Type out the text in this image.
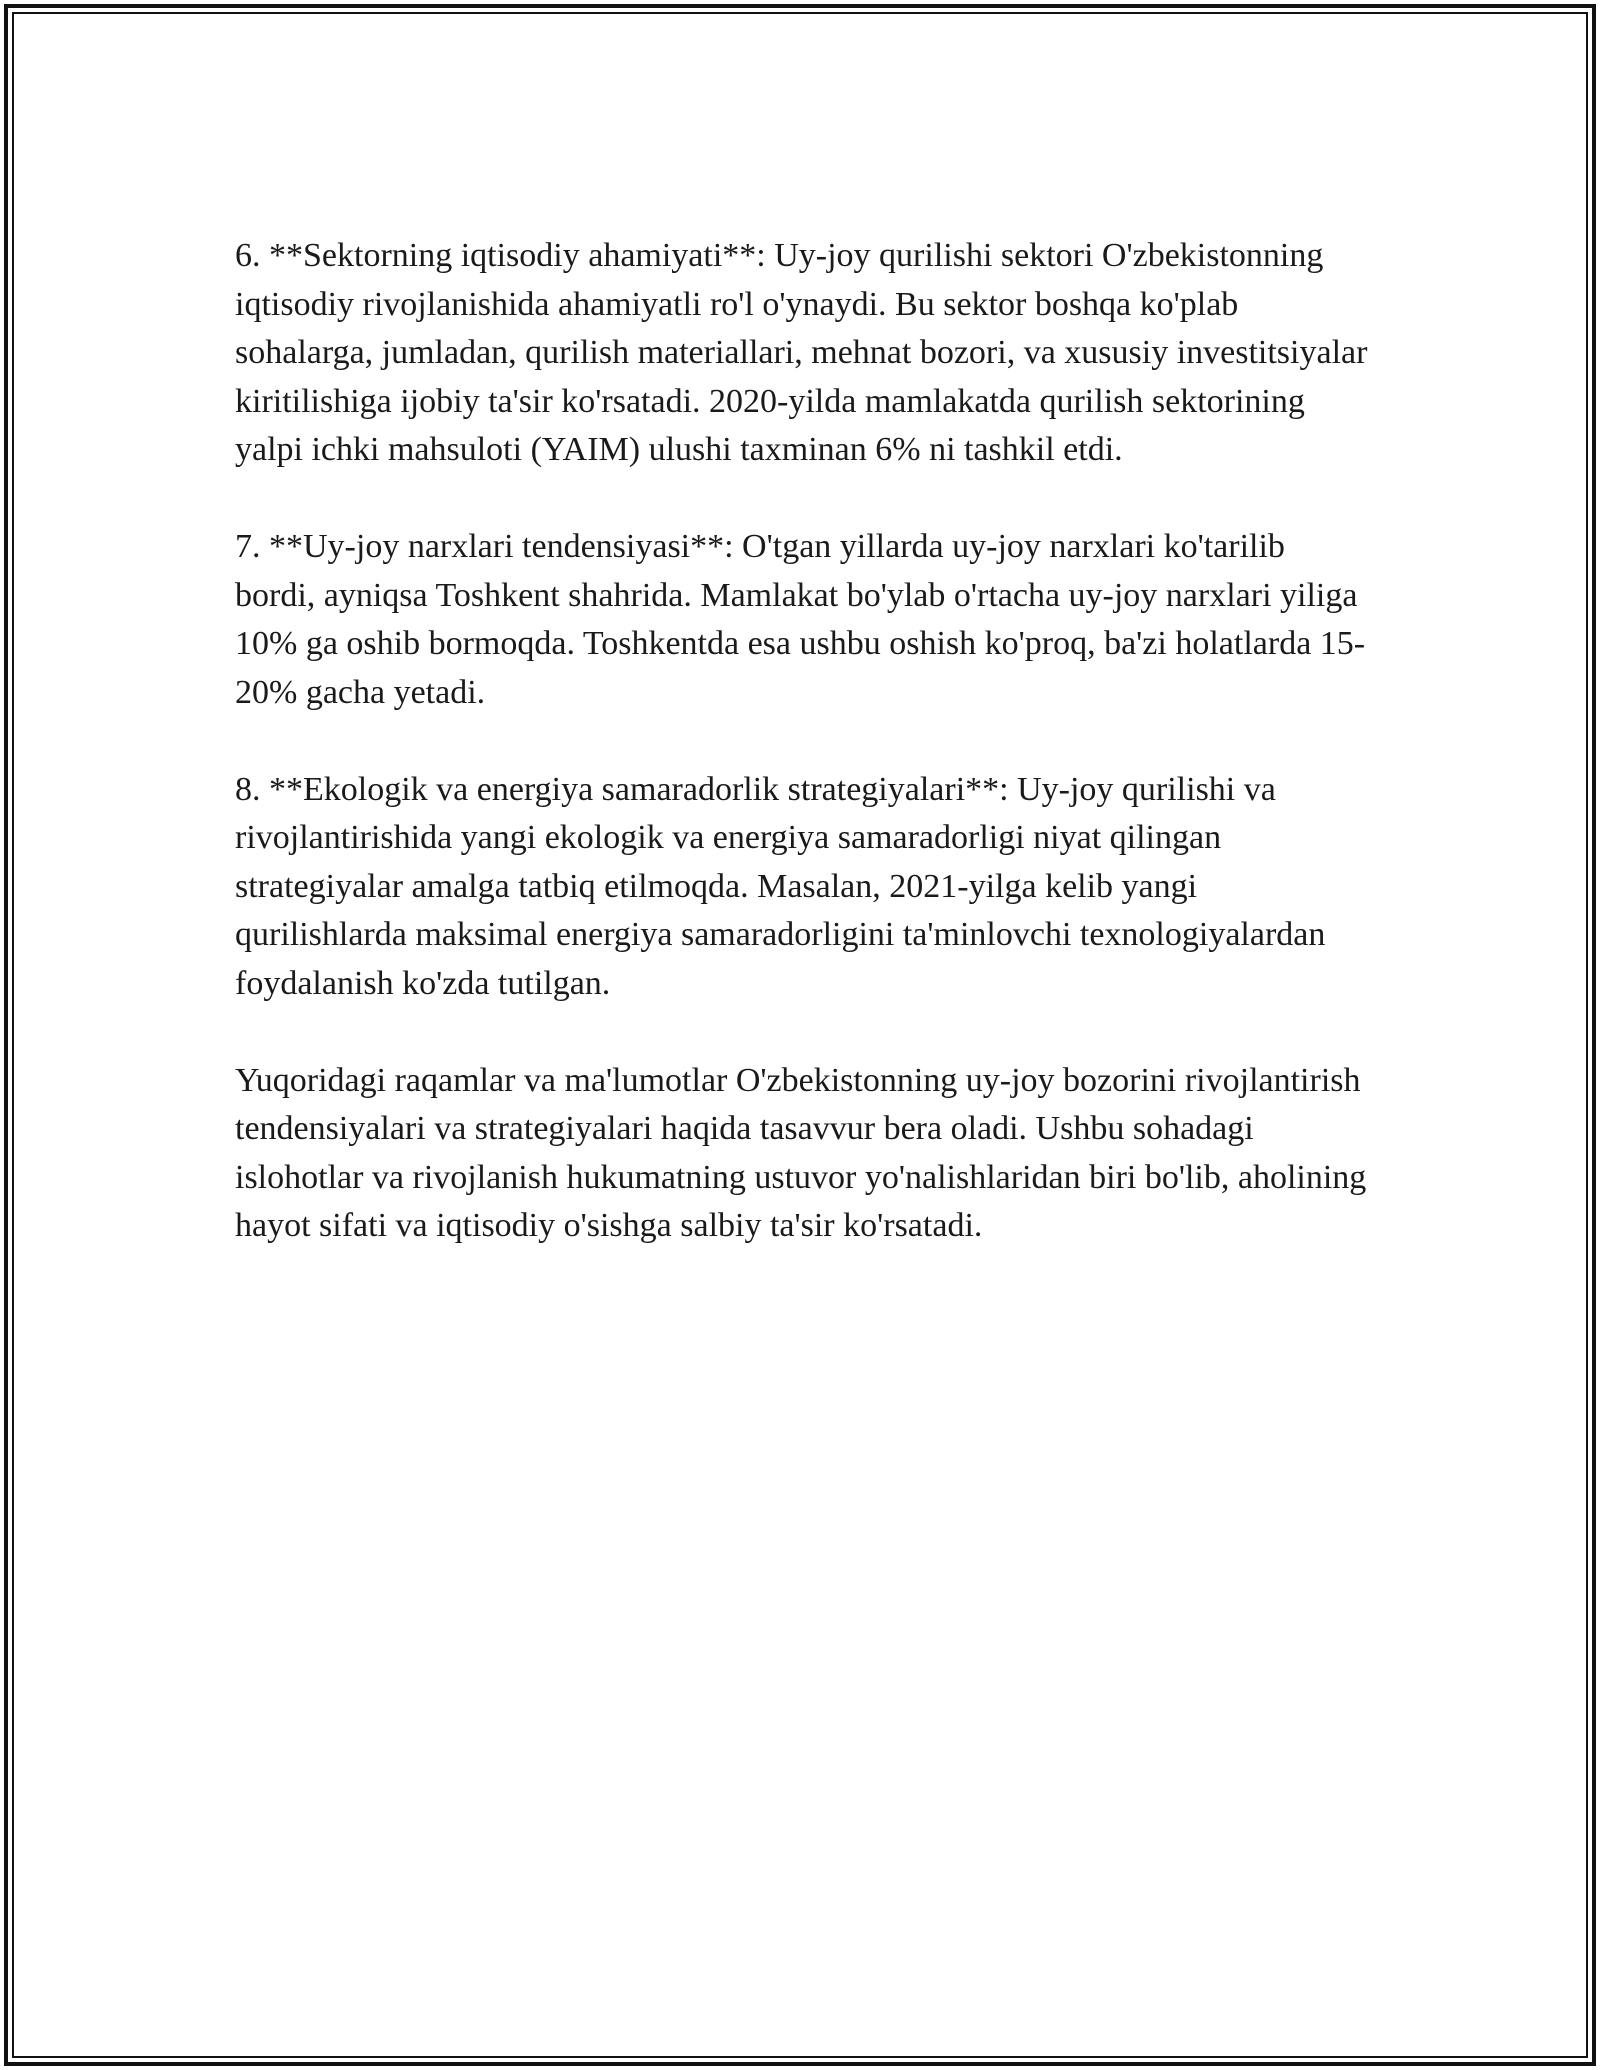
6. **Sektorning iqtisodiy ahamiyati**: Uy-joy qurilishi sektori O'zbekistonning iqtisodiy rivojlanishida ahamiyatli ro'l o'ynaydi. Bu sektor boshqa ko'plab sohalarga, jumladan, qurilish materiallari, mehnat bozori, va xususiy investitsiyalar kiritilishiga ijobiy ta'sir ko'rsatadi. 2020-yilda mamlakatda qurilish sektorining yalpi ichki mahsuloti (YAIM) ulushi taxminan 6% ni tashkil etdi.

7. **Uy-joy narxlari tendensiyasi**: O'tgan yillarda uy-joy narxlari ko'tarilib bordi, ayniqsa Toshkent shahrida. Mamlakat bo'ylab o'rtacha uy-joy narxlari yiliga 10% ga oshib bormoqda. Toshkentda esa ushbu oshish ko'proq, ba'zi holatlarda 15-20% gacha yetadi.

8. **Ekologik va energiya samaradorlik strategiyalari**: Uy-joy qurilishi va rivojlantirishida yangi ekologik va energiya samaradorligi niyat qilingan strategiyalar amalga tatbiq etilmoqda. Masalan, 2021-yilga kelib yangi qurilishlarda maksimal energiya samaradorligini ta'minlovchi texnologiyalardan foydalanish ko'zda tutilgan.

Yuqoridagi raqamlar va ma'lumotlar O'zbekistonning uy-joy bozorini rivojlantirish tendensiyalari va strategiyalari haqida tasavvur bera oladi. Ushbu sohadagi islohotlar va rivojlanish hukumatning ustuvor yo'nalishlaridan biri bo'lib, aholining hayot sifati va iqtisodiy o'sishga salbiy ta'sir ko'rsatadi.
